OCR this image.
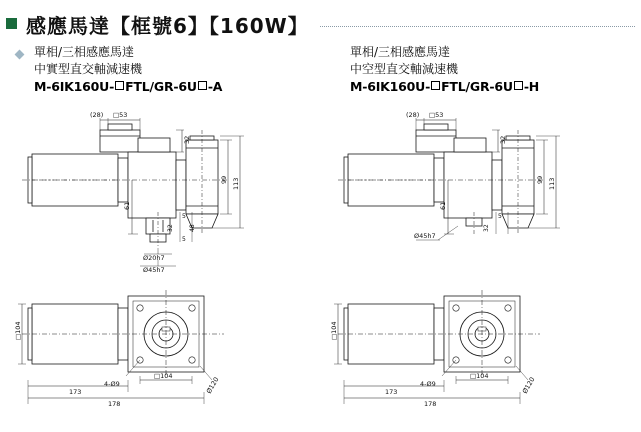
感應馬達【框號6】【160W】
單相/三相感應馬達
中實型直交軸減速機
M-6IK160U- FTL/GR-6U -A
(28) □53
32
61
99 113
5
32
5
48
Ø20h7
Ø45h7
□104
173
178
4-Ø9
□104	Ø120
單相/三相感應馬達
中空型直交軸減速機
M-6IK160U- FTL/GR-6U -H
(28) □53
32
61
99 113
5
32
Ø45h7
□104
173
178
4-Ø9
□104	Ø120
